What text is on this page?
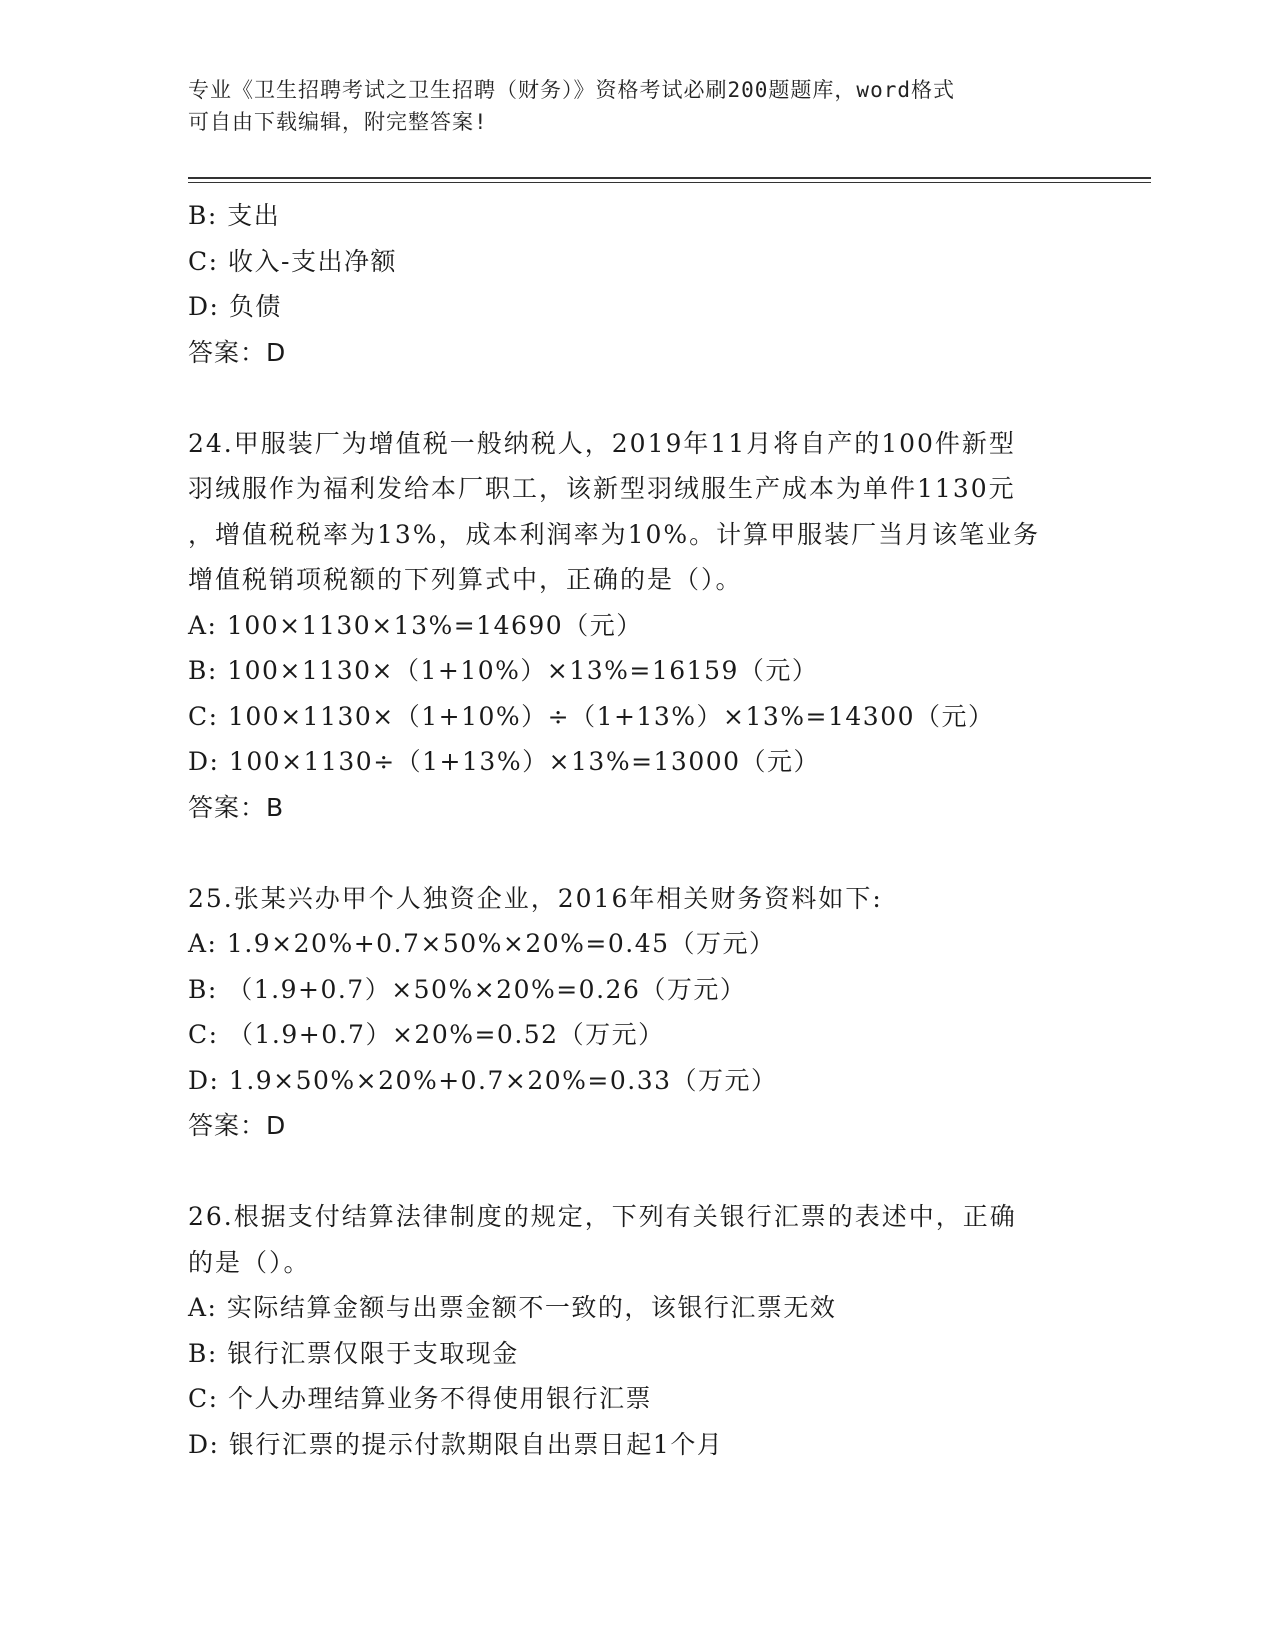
专业《卫生招聘考试之卫生招聘（财务）》资格考试必刷200题题库，word格式
可自由下载编辑，附完整答案!
B: 支出
C: 收入-支出净额
D: 负债
答案：D
24.甲服装厂为增值税一般纳税人，2019年11月将自产的100件新型
羽绒服作为福利发给本厂职工，该新型羽绒服生产成本为单件1130元
，增值税税率为13%，成本利润率为10%。计算甲服装厂当月该笔业务
增值税销项税额的下列算式中，正确的是（）。
A: 100×1130×13%=14690（元）
B: 100×1130×（1+10%）×13%=16159（元）
C: 100×1130×（1+10%）÷（1+13%）×13%=14300（元）
D: 100×1130÷（1+13%）×13%=13000（元）
答案：B
25.张某兴办甲个人独资企业，2016年相关财务资料如下:
A: 1.9×20%+0.7×50%×20%=0.45（万元）
B: （1.9+0.7）×50%×20%=0.26（万元）
C: （1.9+0.7）×20%=0.52（万元）
D: 1.9×50%×20%+0.7×20%=0.33（万元）
答案：D
26.根据支付结算法律制度的规定，下列有关银行汇票的表述中，正确
的是（）。
A: 实际结算金额与出票金额不一致的，该银行汇票无效
B: 银行汇票仅限于支取现金
C: 个人办理结算业务不得使用银行汇票
D: 银行汇票的提示付款期限自出票日起1个月
